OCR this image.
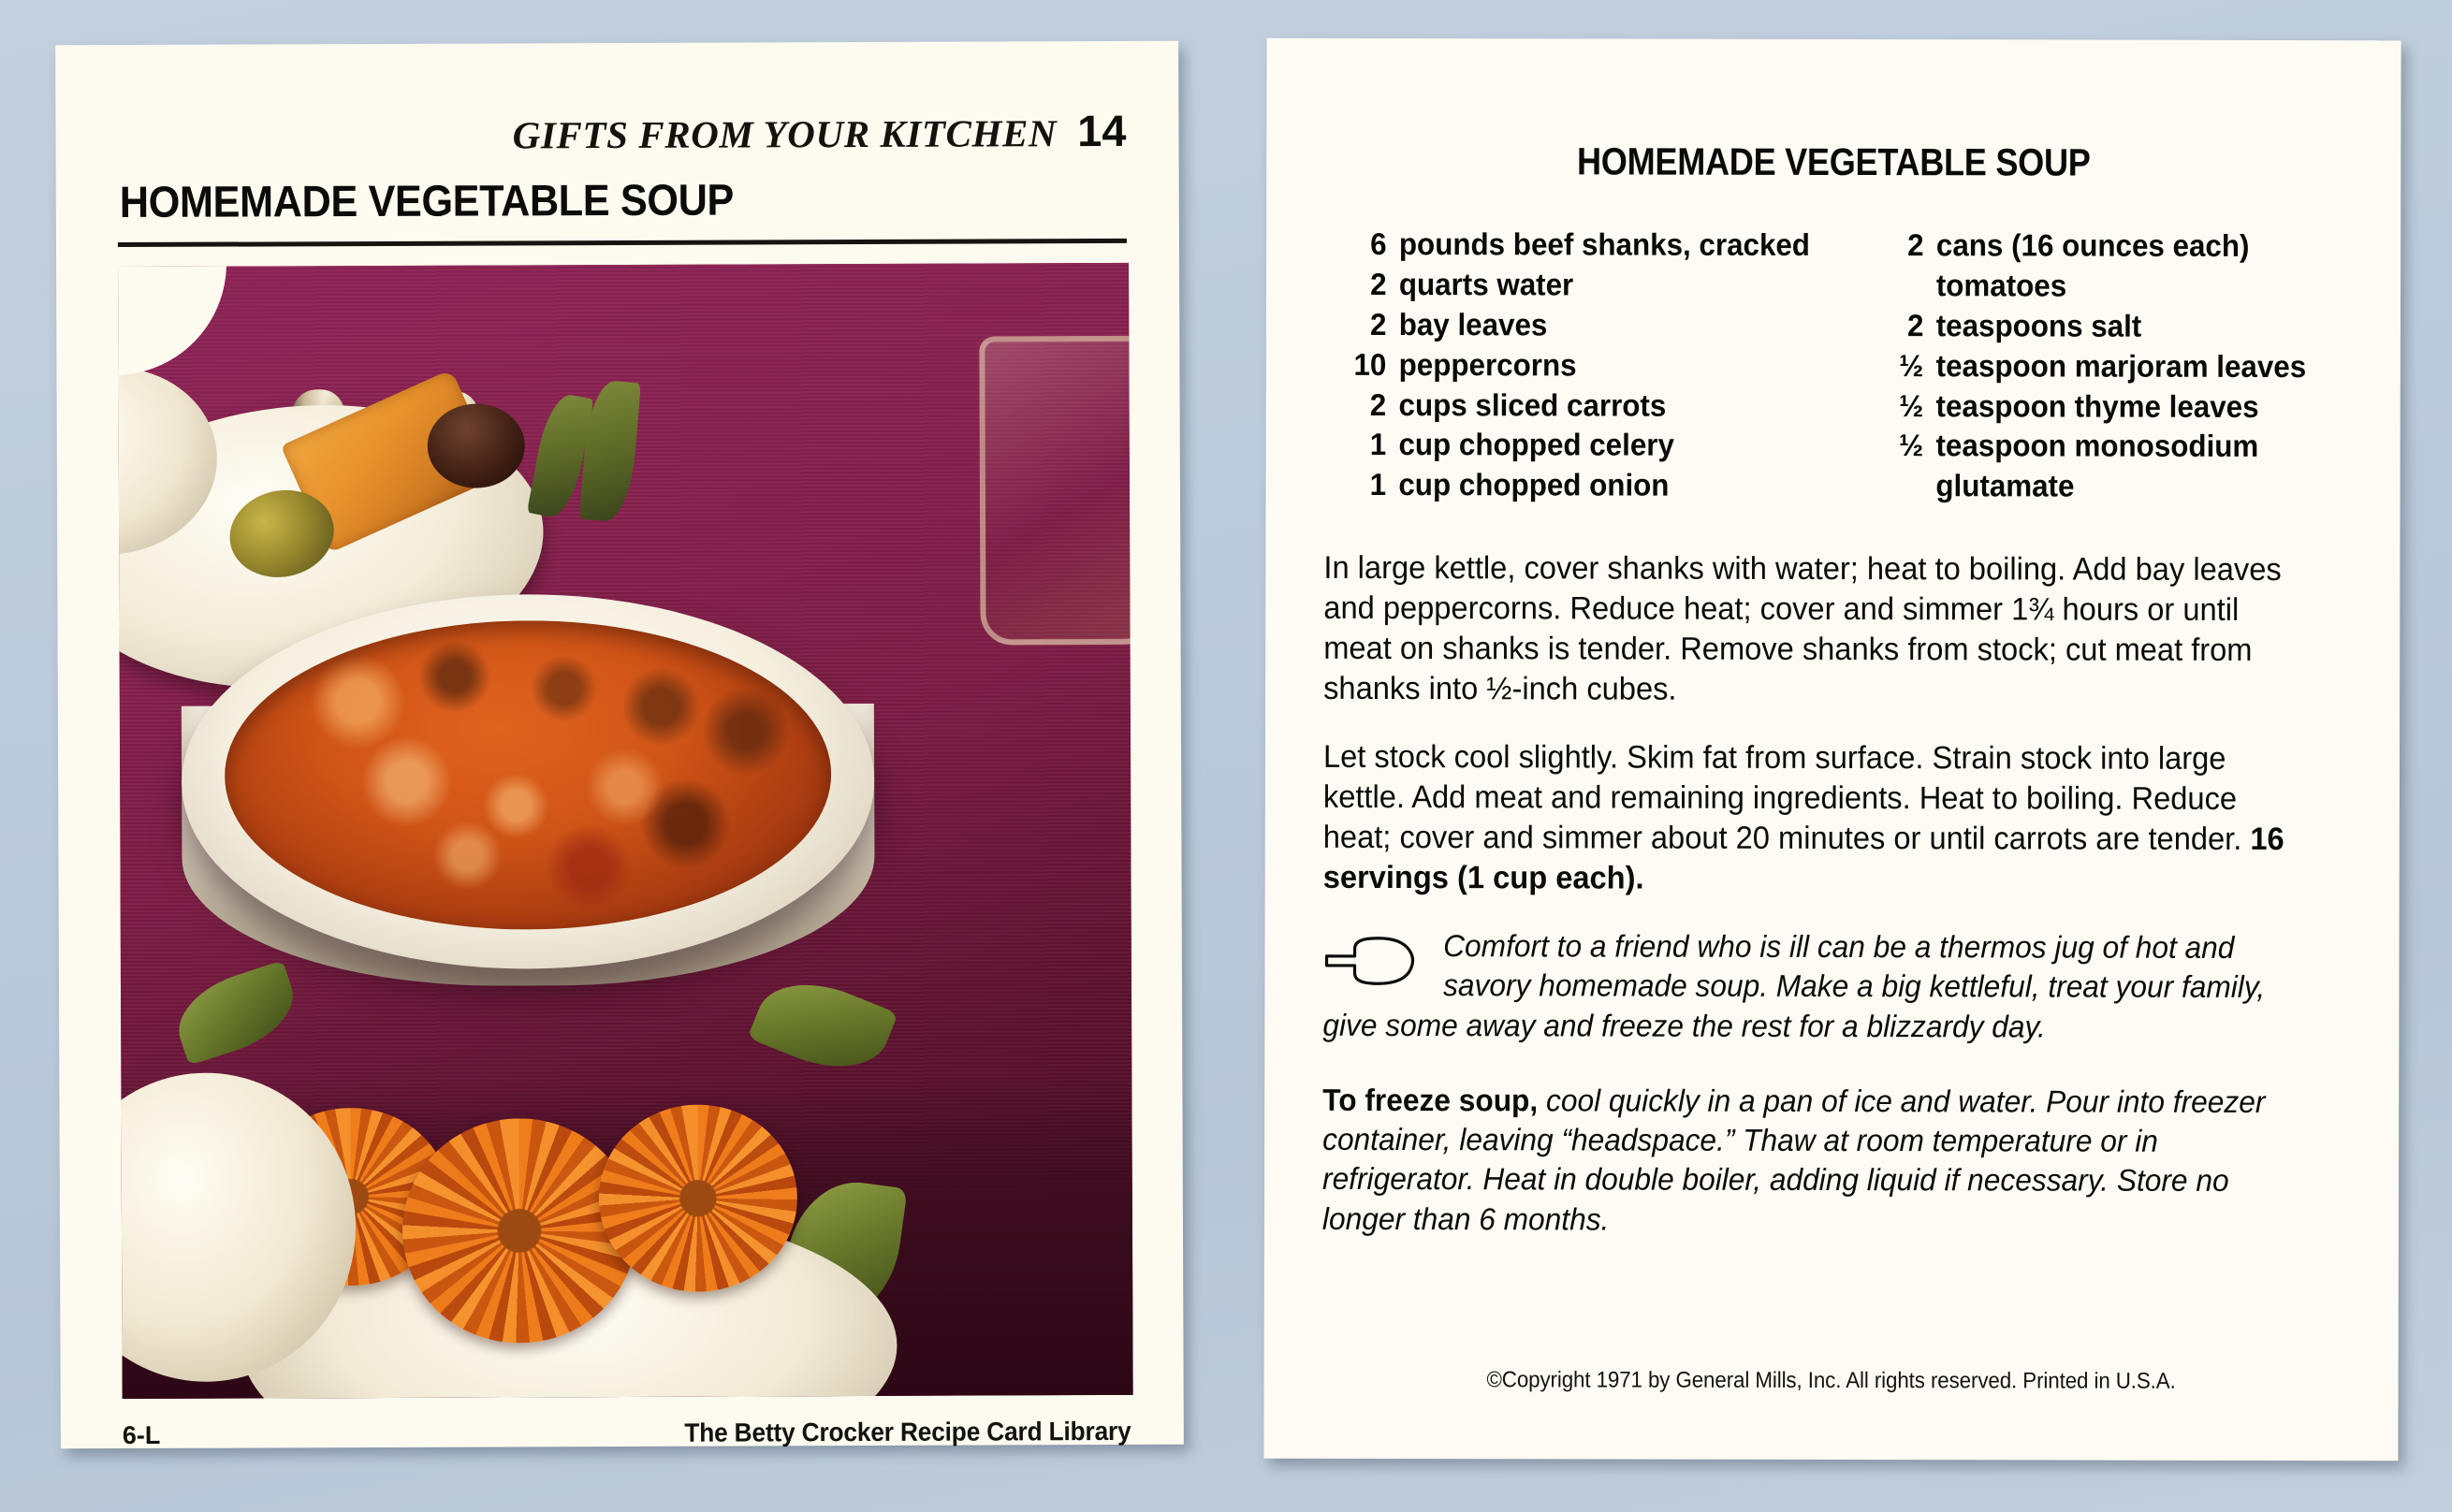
GIFTS FROM YOUR KITCHEN 14
HOMEMADE VEGETABLE SOUP
6-L	The Betty Crocker Recipe Card Library
HOMEMADE VEGETABLE SOUP
6 pounds beef shanks, cracked
2 quarts water
2 bay leaves
10 peppercorns
2 cups sliced carrots
1 cup chopped celery
1 cup chopped onion
2 cans (16 ounces each)
tomatoes
2 teaspoons salt
½ teaspoon marjoram leaves
½ teaspoon thyme leaves
½ teaspoon monosodium
glutamate

In large kettle, cover shanks with water; heat to boiling. Add bay leaves and peppercorns. Reduce heat; cover and simmer 1¾ hours or until meat on shanks is tender. Remove shanks from stock; cut meat from shanks into ½-inch cubes.

Let stock cool slightly. Skim fat from surface. Strain stock into large kettle. Add meat and remaining ingredients. Heat to boiling. Reduce heat; cover and simmer about 20 minutes or until carrots are tender. 16 servings (1 cup each).

Comfort to a friend who is ill can be a thermos jug of hot and savory homemade soup. Make a big kettleful, treat your family, give some away and freeze the rest for a blizzardy day.

To freeze soup, cool quickly in a pan of ice and water. Pour into freezer container, leaving “headspace.” Thaw at room temperature or in refrigerator. Heat in double boiler, adding liquid if necessary. Store no longer than 6 months.

©Copyright 1971 by General Mills, Inc. All rights reserved. Printed in U.S.A.
